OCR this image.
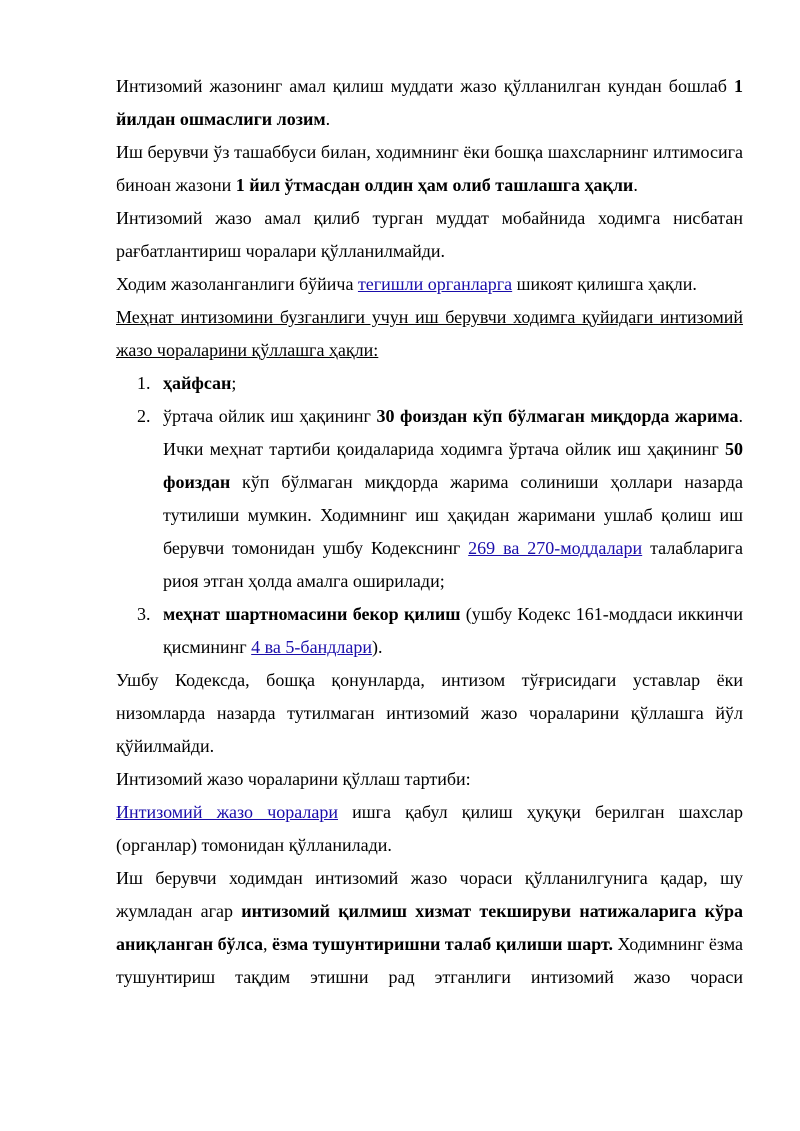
Интизомий жазонинг амал қилиш муддати жазо қўлланилган кундан бошлаб 1 йилдан ошмаслиги лозим.

Иш берувчи ўз ташаббуси билан, ходимнинг ёки бошқа шахсларнинг илтимосига биноан жазони 1 йил ўтмасдан олдин ҳам олиб ташлашга ҳақли.

Интизомий жазо амал қилиб турган муддат мобайнида ходимга нисбатан рағбатлантириш чоралари қўлланилмайди.

Ходим жазоланганлиги бўйича тегишли органларга шикоят қилишга ҳақли.

Меҳнат интизомини бузганлиги учун иш берувчи ходимга қуйидаги интизомий жазо чораларини қўллашга ҳақли:

1. ҳайфсан;
2. ўртача ойлик иш ҳақининг 30 фоиздан кўп бўлмаган миқдорда жарима. Ички меҳнат тартиби қоидаларида ходимга ўртача ойлик иш ҳақининг 50 фоиздан кўп бўлмаган миқдорда жарима солиниши ҳоллари назарда тутилиши мумкин. Ходимнинг иш ҳақидан жаримани ушлаб қолиш иш берувчи томонидан ушбу Кодекснинг 269 ва 270-моддалари талабларига риоя этган ҳолда амалга оширилади;
3. меҳнат шартномасини бекор қилиш (ушбу Кодекс 161-моддаси иккинчи қисмининг 4 ва 5-бандлари).

Ушбу Кодексда, бошқа қонунларда, интизом тўғрисидаги уставлар ёки низомларда назарда тутилмаган интизомий жазо чораларини қўллашга йўл қўйилмайди.

Интизомий жазо чораларини қўллаш тартиби:

Интизомий жазо чоралари ишга қабул қилиш ҳуқуқи берилган шахслар (органлар) томонидан қўлланилади.

Иш берувчи ходимдан интизомий жазо чораси қўлланилгунига қадар, шу жумладан агар интизомий қилмиш хизмат текшируви натижаларига кўра аниқланган бўлса, ёзма тушунтиришни талаб қилиши шарт. Ходимнинг ёзма тушунтириш тақдим этишни рад этганлиги интизомий жазо чораси
